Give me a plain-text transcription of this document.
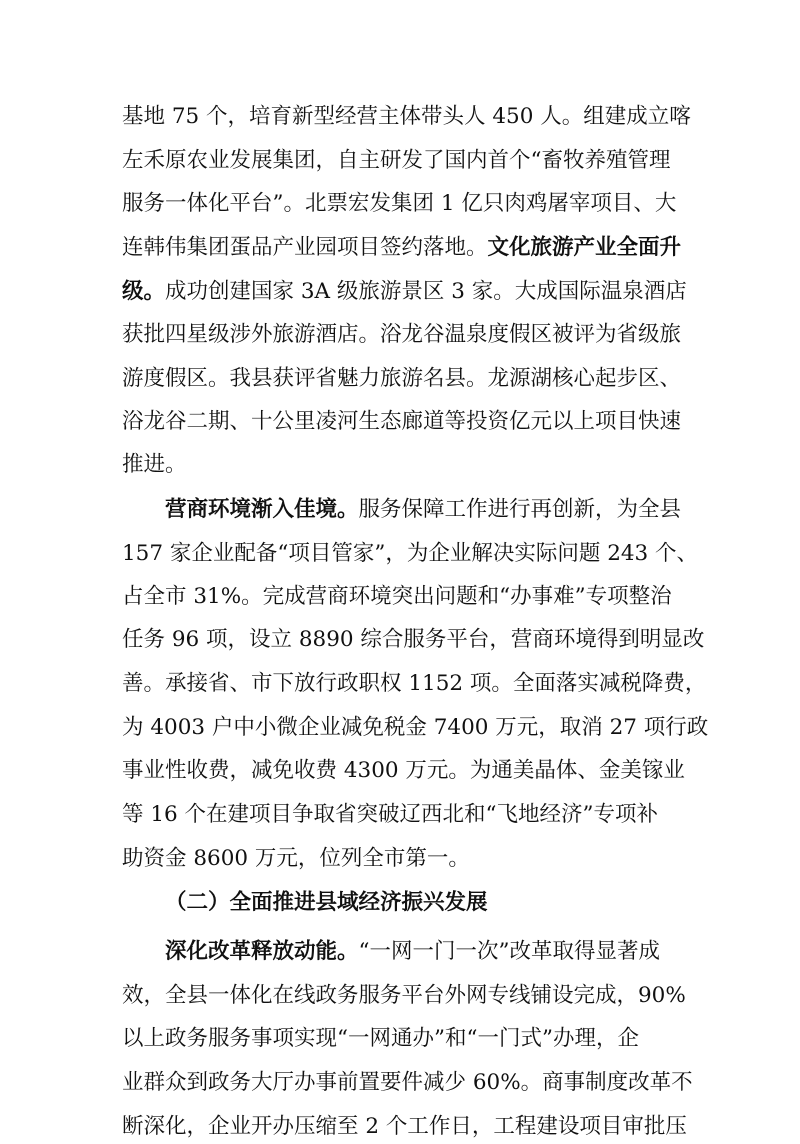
基地 75 个，培育新型经营主体带头人 450 人。组建成立喀
左禾原农业发展集团，自主研发了国内首个“畜牧养殖管理
服务一体化平台”。北票宏发集团 1 亿只肉鸡屠宰项目、大
连韩伟集团蛋品产业园项目签约落地。文化旅游产业全面升
级。成功创建国家 3A 级旅游景区 3 家。大成国际温泉酒店
获批四星级涉外旅游酒店。浴龙谷温泉度假区被评为省级旅
游度假区。我县获评省魅力旅游名县。龙源湖核心起步区、
浴龙谷二期、十公里凌河生态廊道等投资亿元以上项目快速
推进。
营商环境渐入佳境。服务保障工作进行再创新，为全县
157 家企业配备“项目管家”，为企业解决实际问题 243 个、
占全市 31%。完成营商环境突出问题和“办事难”专项整治
任务 96 项，设立 8890 综合服务平台，营商环境得到明显改
善。承接省、市下放行政职权 1152 项。全面落实减税降费，
为 4003 户中小微企业减免税金 7400 万元，取消 27 项行政
事业性收费，减免收费 4300 万元。为通美晶体、金美镓业
等 16 个在建项目争取省突破辽西北和“飞地经济”专项补
助资金 8600 万元，位列全市第一。
（二）全面推进县域经济振兴发展
深化改革释放动能。“一网一门一次”改革取得显著成
效，全县一体化在线政务服务平台外网专线铺设完成，90%
以上政务服务事项实现“一网通办”和“一门式”办理，企
业群众到政务大厅办事前置要件减少 60%。商事制度改革不
断深化，企业开办压缩至 2 个工作日，工程建设项目审批压
